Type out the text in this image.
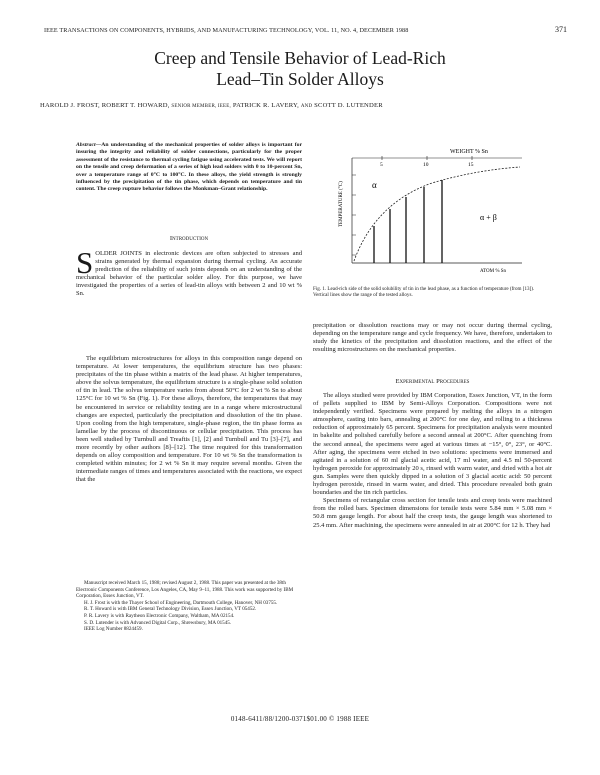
IEEE TRANSACTIONS ON COMPONENTS, HYBRIDS, AND MANUFACTURING TECHNOLOGY, VOL. 11, NO. 4, DECEMBER 1988	371
Creep and Tensile Behavior of Lead-Rich
Lead–Tin Solder Alloys
HAROLD J. FROST, ROBERT T. HOWARD, SENIOR MEMBER, IEEE, PATRICK R. LAVERY, AND SCOTT D. LUTENDER
Abstract—An understanding of the mechanical properties of solder alloys is important for insuring the integrity and reliability of solder connections, particularly for the proper assessment of the resistance to thermal cycling fatigue using accelerated tests. We will report on the tensile and creep deformation of a series of high lead solders with 0 to 10-percent Sn, over a temperature range of 0°C to 100°C. In these alloys, the yield strength is strongly influenced by the precipitation of the tin phase, which depends on temperature and tin content. The creep rupture behavior follows the Monkman–Grant relationship.
Introduction
SOLDER JOINTS in electronic devices are often subjected to stresses and strains generated by thermal expansion during thermal cycling. An accurate prediction of the reliability of such joints depends on an understanding of the mechanical behavior of the particular solder alloy. For this purpose, we have investigated the properties of a series of lead-tin alloys with between 2 and 10 wt % Sn.

The equilibrium microstructures for alloys in this composition range depend on temperature. At lower temperatures, the equilibrium structure has two phases: precipitates of the tin phase within a matrix of the lead phase. At higher temperatures, above the solvus temperature, the equilibrium structure is a single-phase solid solution of tin in lead. The solvus temperature varies from about 50°C for 2 wt % Sn to about 125°C for 10 wt % Sn (Fig. 1). For these alloys, therefore, the temperatures that may be encountered in service or reliability testing are in a range where microstructural changes are expected, particularly the precipitation and dissolution of the tin phase. Upon cooling from the high temperature, single-phase region, the tin phase forms as lamellae by the process of discontinuous or cellular precipitation. This process has been well studied by Turnbull and Treaftis [1], [2] and Turnbull and Tu [3]–[7], and more recently by other authors [8]–[12]. The time required for this transformation depends on alloy composition and temperature. For 10 wt % Sn the transformation is completed within minutes; for 2 wt % Sn it may require several months. Given the intermediate ranges of times and temperatures associated with the reactions, we expect that the

Manuscript received March 15, 1988; revised August 2, 1988. This paper was presented at the 38th Electronic Components Conference, Los Angeles, CA, May 9–11, 1988. This work was supported by IBM Corporation, Essex Junction, VT.

H. J. Frost is with the Thayer School of Engineering, Dartmouth College, Hanover, NH 03755.

R. T. Howard is with IBM General Technology Division, Essex Junction, VT 05452.

P. R. Lavery is with Raytheon Electronic Company, Waltham, MA 02154.

S. D. Lutender is with Advanced Digital Corp., Shrewsbury, MA 01545.

IEEE Log Number 8824459.

WEIGHT % Sn
5	10	15
TEMPERATURE (°C)	α
α + β
ATOM % Sn
Fig. 1. Lead-rich side of the solid solubility of tin in the lead phase, as a function of temperature (from [13]). Vertical lines show the range of the tested alloys.

precipitation or dissolution reactions may or may not occur during thermal cycling, depending on the temperature range and cycle frequency. We have, therefore, undertaken to study the kinetics of the precipitation and dissolution reactions, and the effect of the resulting microstructures on the mechanical properties.

Experimental Procedures

The alloys studied were provided by IBM Corporation, Essex Junction, VT, in the form of pellets supplied to IBM by Semi-Alloys Corporation. Compositions were not independently verified. Specimens were prepared by melting the alloys in a nitrogen atmosphere, casting into bars, annealing at 200°C for one day, and rolling to a thickness reduction of approximately 65 percent. Specimens for precipitation analysis were mounted in bakelite and polished carefully before a second anneal at 200°C. After quenching from the second anneal, the specimens were aged at various times at −15°, 0°, 23°, or 40°C. After aging, the specimens were etched in two solutions: specimens were immersed and agitated in a solution of 60 ml glacial acetic acid, 17 ml water, and 4.5 ml 50-percent hydrogen peroxide for approximately 20 s, rinsed with warm water, and dried with a hot air gun. Samples were then quickly dipped in a solution of 3 glacial acetic acid: 50 percent hydrogen peroxide, rinsed in warm water, and dried. This procedure revealed both grain boundaries and the tin rich particles.

Specimens of rectangular cross section for tensile tests and creep tests were machined from the rolled bars. Specimen dimensions for tensile tests were 5.84 mm × 5.08 mm × 50.8 mm gauge length. For about half the creep tests, the gauge length was shortened to 25.4 mm. After machining, the specimens were annealed in air at 200°C for 12 h. They had

0148-6411/88/1200-0371$01.00 © 1988 IEEE
